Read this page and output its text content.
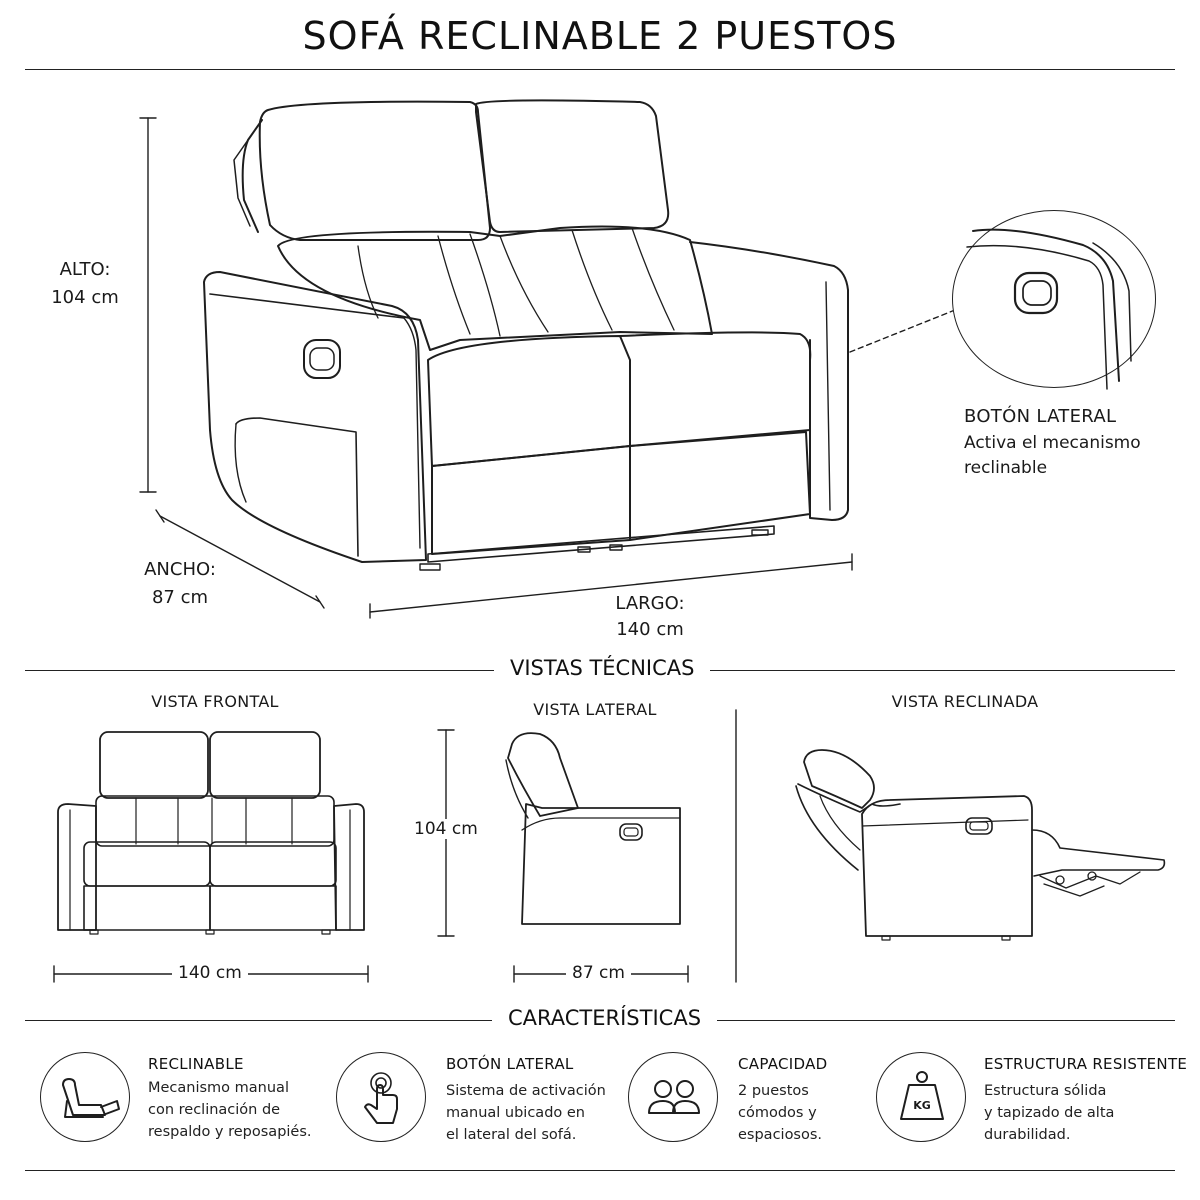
SOFÁ RECLINABLE 2 PUESTOS
ALTO:
104 cm
ANCHO:
87 cm	LARGO:
140 cm
BOTÓN LATERAL
Activa el mecanismo
reclinable
VISTAS TÉCNICAS
VISTA FRONTAL	VISTA LATERAL	VISTA RECLINADA
140 cm
104 cm
87 cm
CARACTERÍSTICAS
RECLINABLE
Mecanismo manual
con reclinación de
respaldo y reposapiés.
BOTÓN LATERAL
Sistema de activación
manual ubicado en
el lateral del sofá.
CAPACIDAD
2 puestos
cómodos y
espaciosos.
KG
ESTRUCTURA RESISTENTE
Estructura sólida
y tapizado de alta
durabilidad.
